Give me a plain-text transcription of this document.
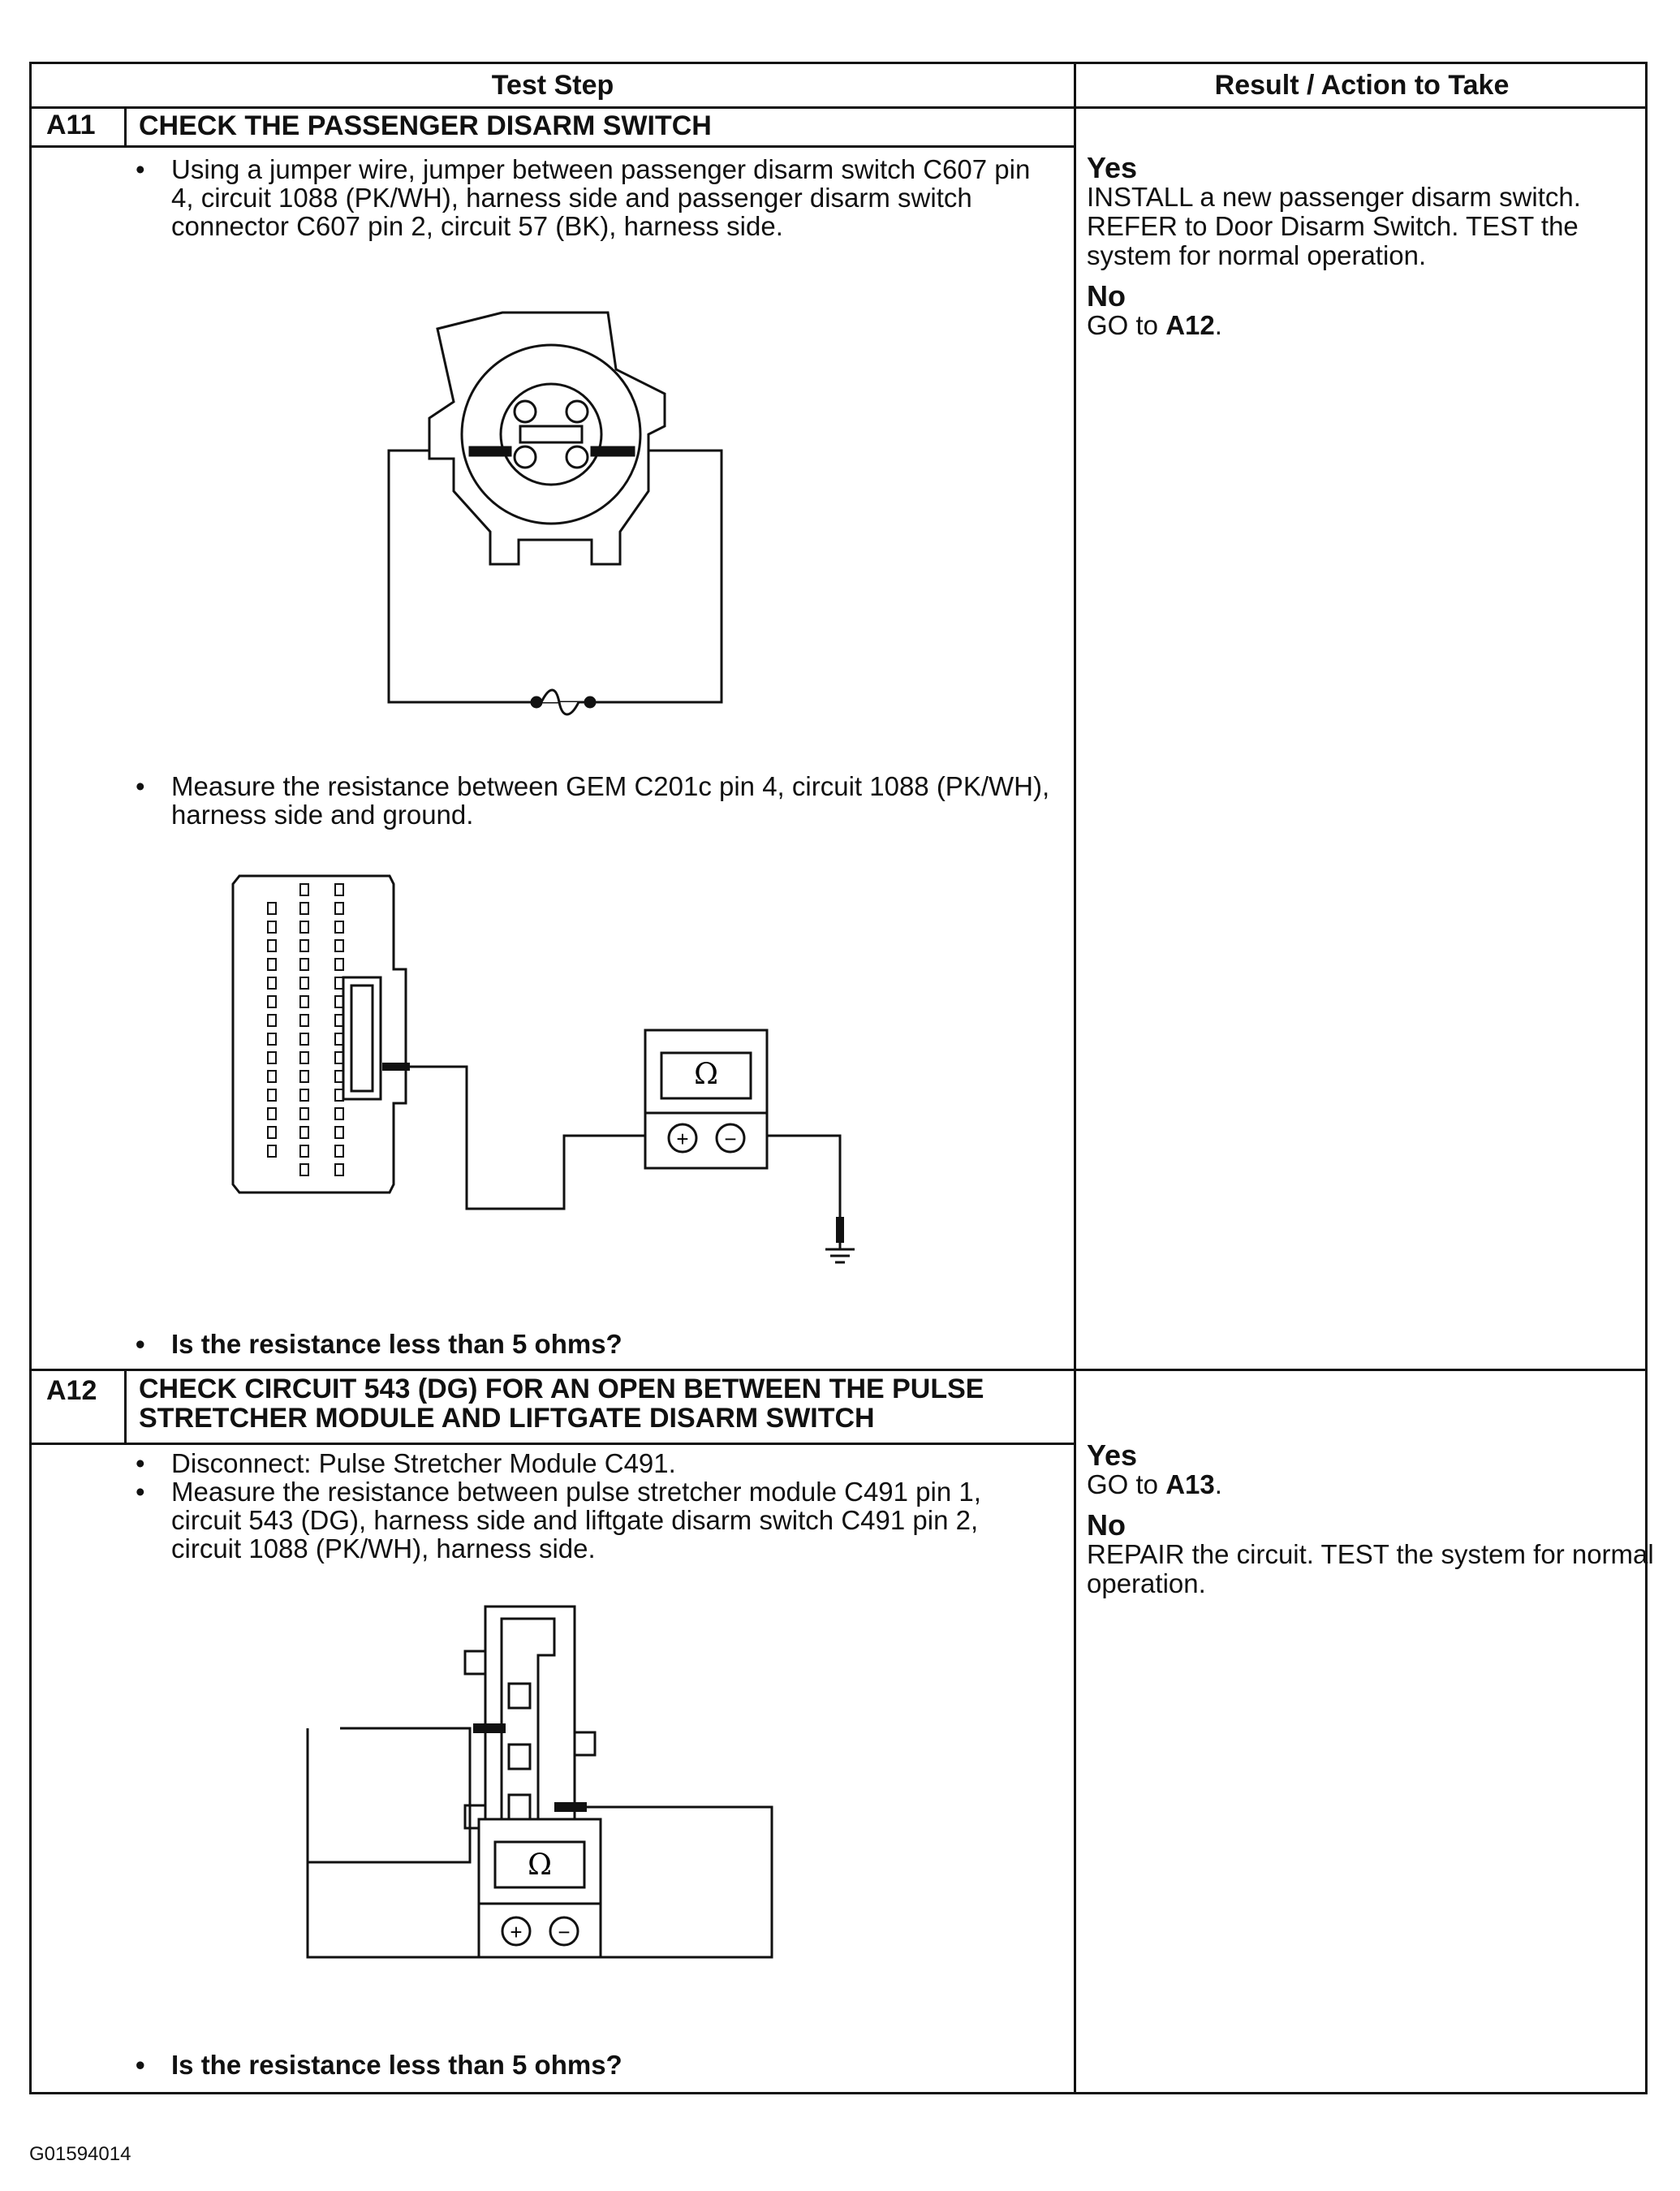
Test Step	Result / Action to Take
A11 CHECK THE PASSENGER DISARM SWITCH
• Using a jumper wire, jumper between passenger disarm switch C607 pin 4, circuit 1088 (PK/WH), harness side and passenger disarm switch connector C607 pin 2, circuit 57 (BK), harness side.
• Measure the resistance between GEM C201c pin 4, circuit 1088 (PK/WH), harness side and ground.
Ω
+ −
• Is the resistance less than 5 ohms?
Yes
INSTALL a new passenger disarm switch. REFER to Door Disarm Switch. TEST the system for normal operation.
No
GO to A12.
A12 CHECK CIRCUIT 543 (DG) FOR AN OPEN BETWEEN THE PULSE STRETCHER MODULE AND LIFTGATE DISARM SWITCH
• Disconnect: Pulse Stretcher Module C491.
• Measure the resistance between pulse stretcher module C491 pin 1, circuit 543 (DG), harness side and liftgate disarm switch C491 pin 2, circuit 1088 (PK/WH), harness side.
Ω
+ −
• Is the resistance less than 5 ohms?
Yes
GO to A13.
No
REPAIR the circuit. TEST the system for normal operation.
G01594014
